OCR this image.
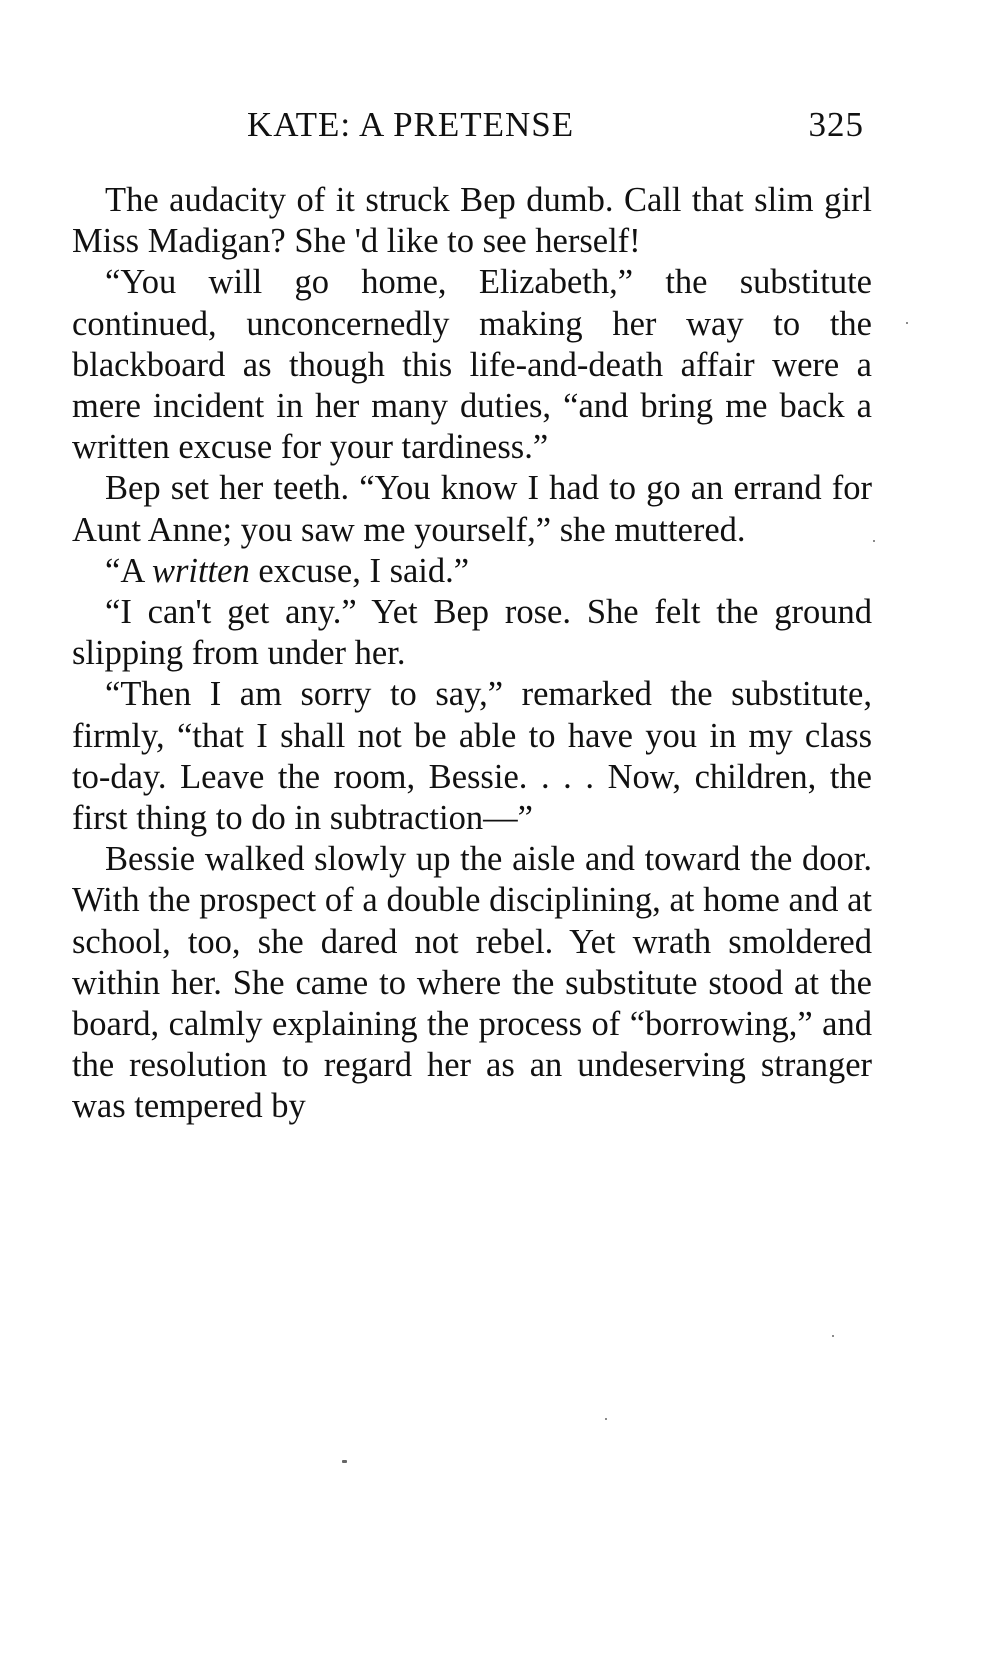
KATE: A PRETENSE	325

The audacity of it struck Bep dumb. Call that slim girl Miss Madigan? She 'd like to see herself!

“You will go home, Elizabeth,” the substitute continued, unconcernedly making her way to the blackboard as though this life-and-death affair were a mere incident in her many duties, “and bring me back a written excuse for your tardiness.”

Bep set her teeth. “You know I had to go an errand for Aunt Anne; you saw me yourself,” she muttered.

“A written excuse, I said.”

“I can't get any.” Yet Bep rose. She felt the ground slipping from under her.

“Then I am sorry to say,” remarked the substitute, firmly, “that I shall not be able to have you in my class to-day. Leave the room, Bessie. . . . Now, children, the first thing to do in subtraction—”

Bessie walked slowly up the aisle and toward the door. With the prospect of a double disciplining, at home and at school, too, she dared not rebel. Yet wrath smoldered within her. She came to where the substitute stood at the board, calmly explaining the process of “borrowing,” and the resolution to regard her as an undeserving stranger was tempered by
